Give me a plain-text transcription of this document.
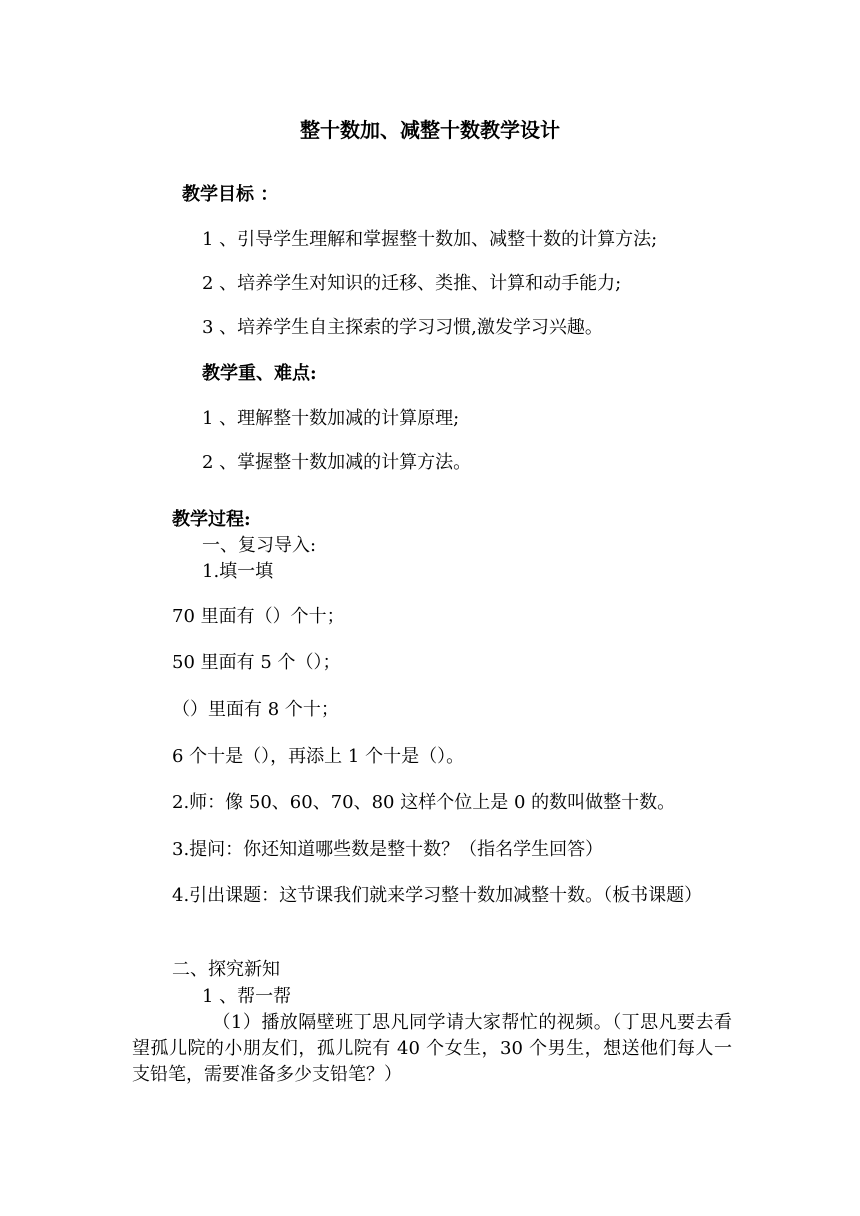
整十数加、减整十数教学设计
教学目标 ：
1 、引导学生理解和掌握整十数加、减整十数的计算方法;
2 、培养学生对知识的迁移、类推、计算和动手能力;
3 、培养学生自主探索的学习习惯,激发学习兴趣。
教学重、难点:
1 、理解整十数加减的计算原理;
2 、掌握整十数加减的计算方法。
教学过程:
一、复习导入:
1.填一填
70 里面有（）个十；
50 里面有 5 个（）；
（）里面有 8 个十；
6 个十是（），再添上 1 个十是（）。
2.师：像 50、60、70、80 这样个位上是 0 的数叫做整十数。
3.提问：你还知道哪些数是整十数？（指名学生回答）
4.引出课题：这节课我们就来学习整十数加减整十数。（板书课题）
二、探究新知
1 、帮一帮
（1）播放隔壁班丁思凡同学请大家帮忙的视频。（丁思凡要去看望孤儿院的小朋友们，孤儿院有 40 个女生，30 个男生，想送他们每人一支铅笔，需要准备多少支铅笔？）
